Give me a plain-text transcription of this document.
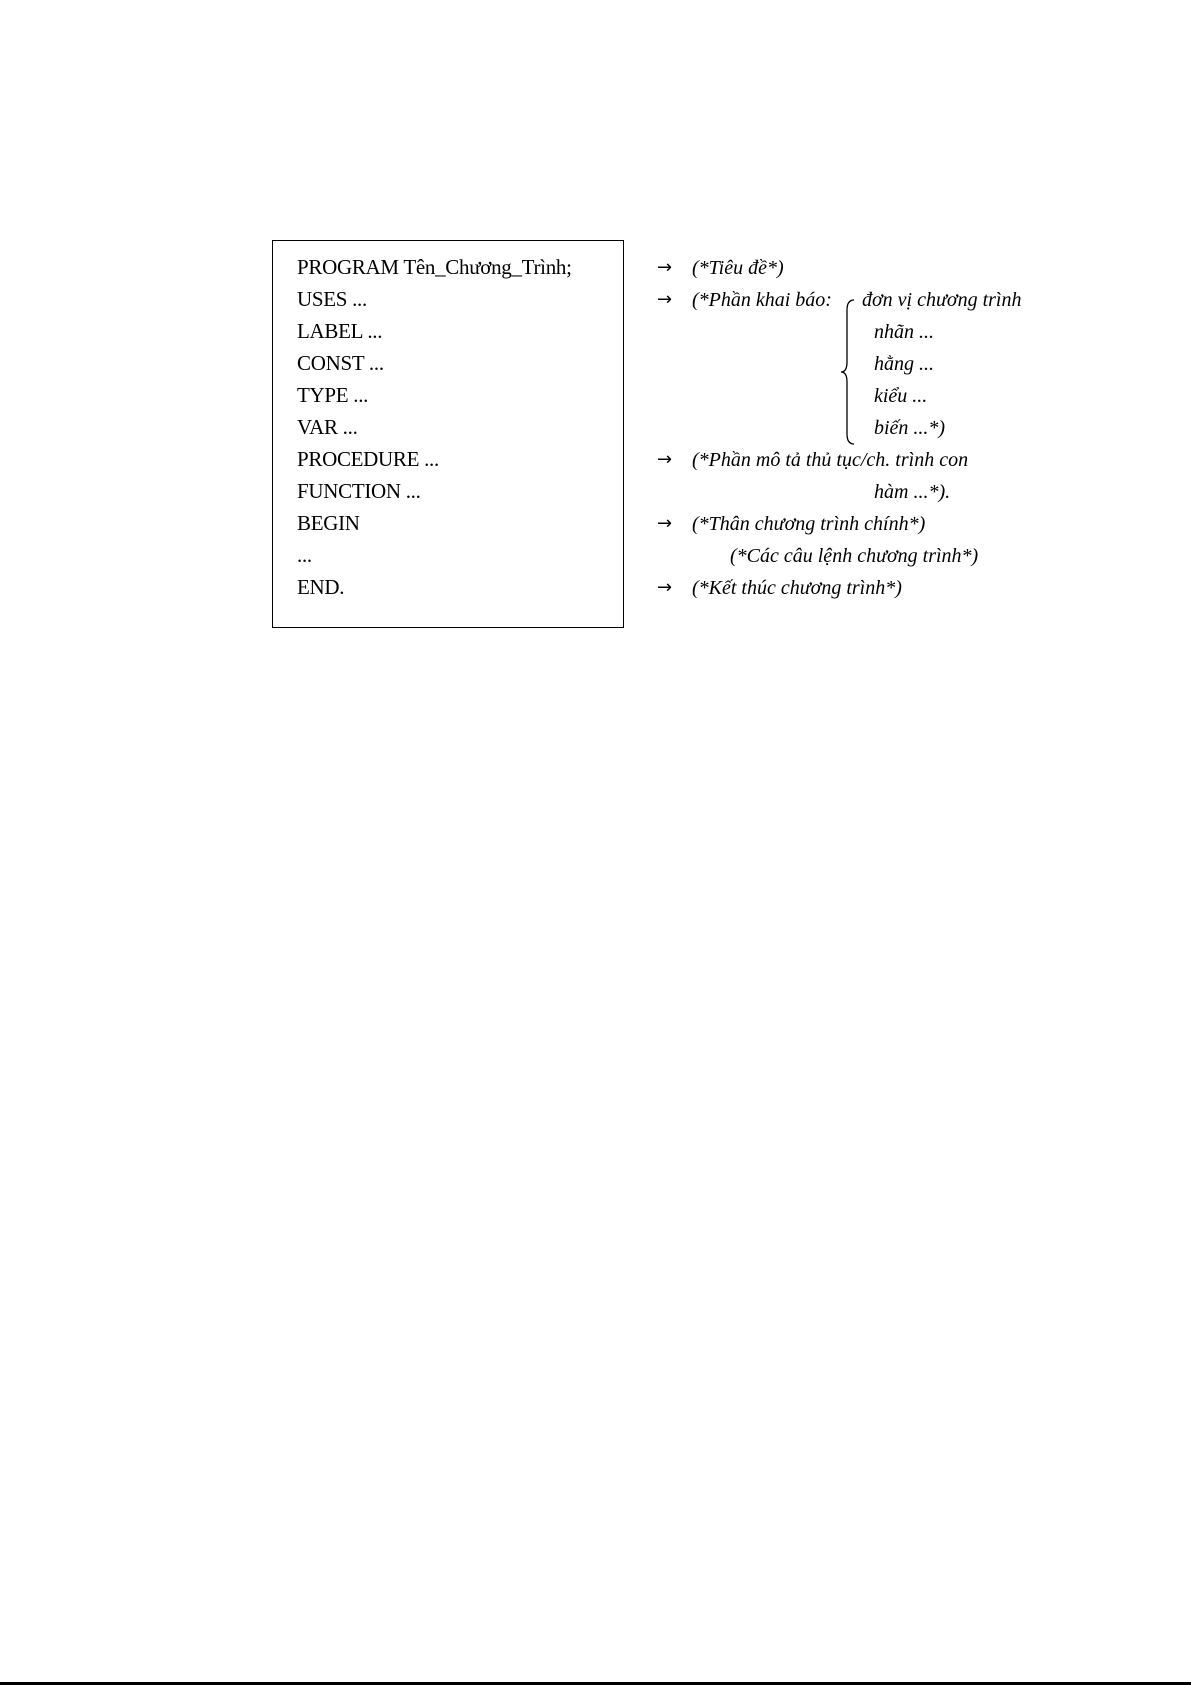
PROGRAM Tên_Chương_Trình;
USES ...
LABEL ...
CONST ...
TYPE ...
VAR ...
PROCEDURE ...
FUNCTION ...
BEGIN
...
END.
→
→
→
→
→
(*Tiêu đề*)
(*Phần khai báo: đơn vị chương trình
nhãn ...
hằng ...
kiểu ...
biến ...*)
(*Phần mô tả thủ tục/ch. trình con
hàm ...*).
(*Thân chương trình chính*)
(*Các câu lệnh chương trình*)
(*Kết thúc chương trình*)
